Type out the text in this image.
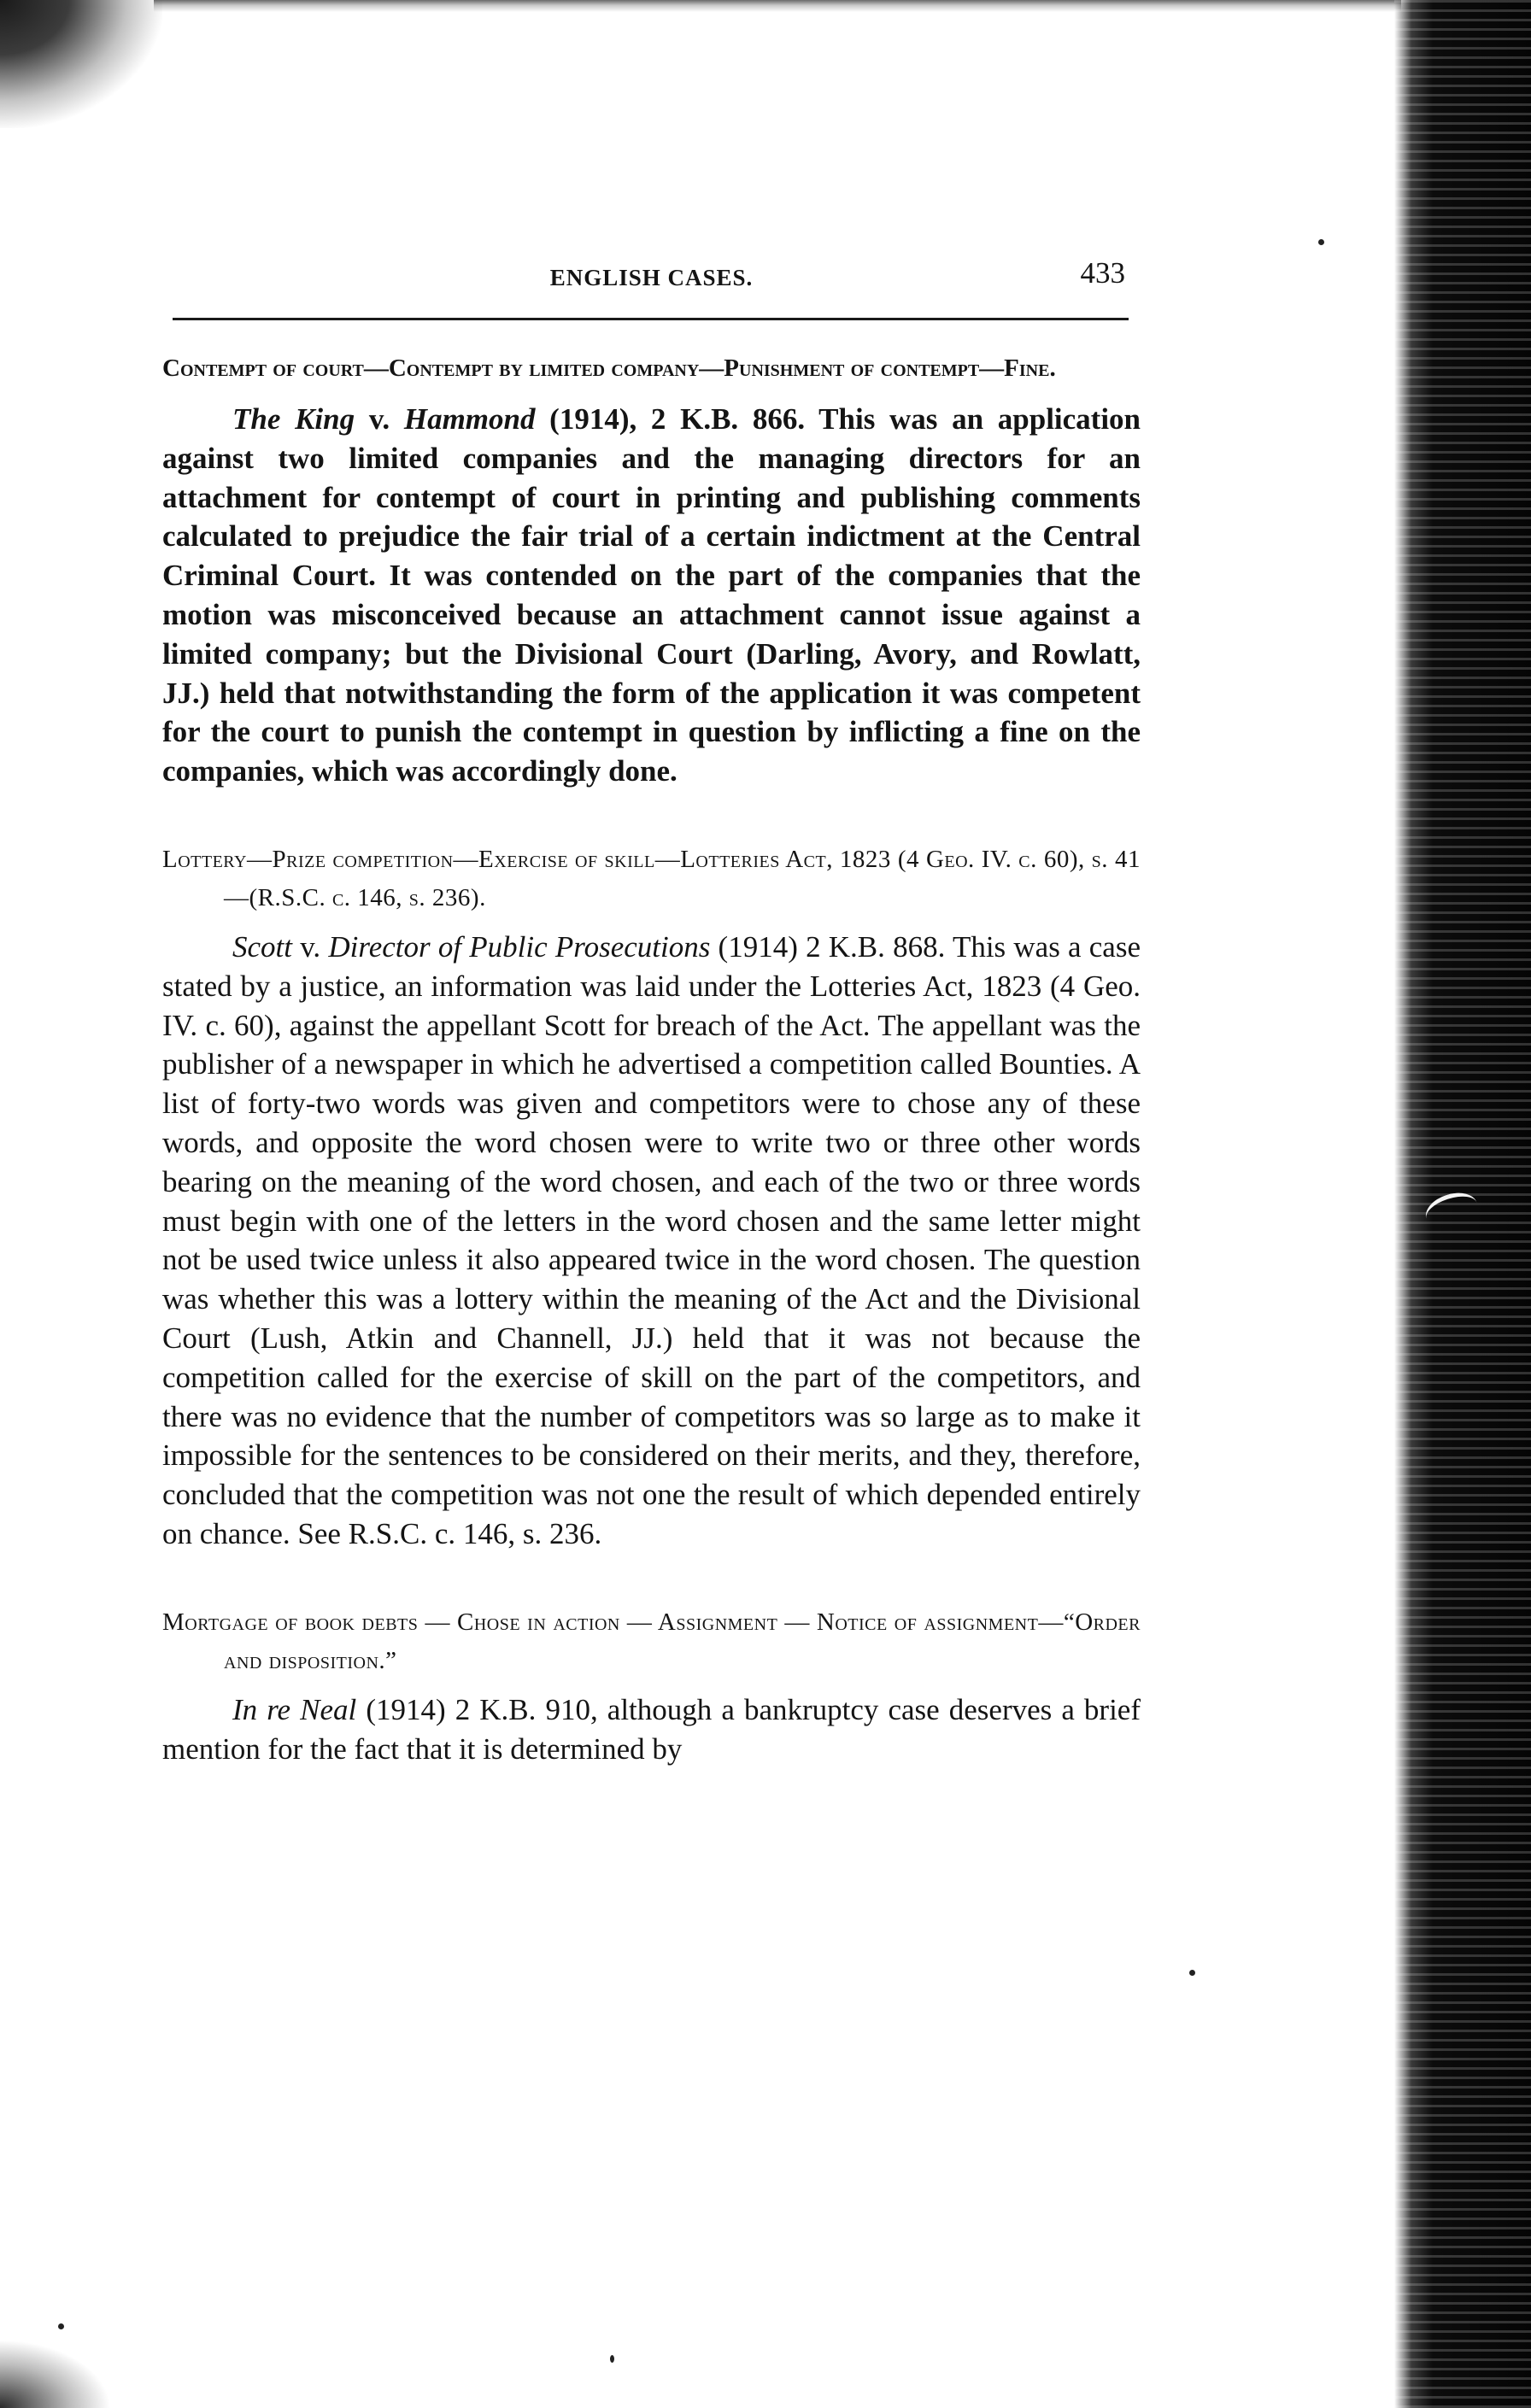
ENGLISH CASES.	433

Contempt of court—Contempt by limited company—Punishment of contempt—Fine.

The King v. Hammond (1914), 2 K.B. 866. This was an application against two limited companies and the managing directors for an attachment for contempt of court in printing and publishing comments calculated to prejudice the fair trial of a certain indictment at the Central Criminal Court. It was contended on the part of the companies that the motion was misconceived because an attachment cannot issue against a limited company; but the Divisional Court (Darling, Avory, and Rowlatt, JJ.) held that notwithstanding the form of the application it was competent for the court to punish the contempt in question by inflicting a fine on the companies, which was accordingly done.

Lottery—Prize competition—Exercise of skill—Lotteries Act, 1823 (4 Geo. IV. c. 60), s. 41—(R.S.C. c. 146, s. 236).

Scott v. Director of Public Prosecutions (1914) 2 K.B. 868. This was a case stated by a justice, an information was laid under the Lotteries Act, 1823 (4 Geo. IV. c. 60), against the appellant Scott for breach of the Act. The appellant was the publisher of a newspaper in which he advertised a competition called Bounties. A list of forty-two words was given and competitors were to chose any of these words, and opposite the word chosen were to write two or three other words bearing on the meaning of the word chosen, and each of the two or three words must begin with one of the letters in the word chosen and the same letter might not be used twice unless it also appeared twice in the word chosen. The question was whether this was a lottery within the meaning of the Act and the Divisional Court (Lush, Atkin and Channell, JJ.) held that it was not because the competition called for the exercise of skill on the part of the competitors, and there was no evidence that the number of competitors was so large as to make it impossible for the sentences to be considered on their merits, and they, therefore, concluded that the competition was not one the result of which depended entirely on chance. See R.S.C. c. 146, s. 236.

Mortgage of book debts — Chose in action — Assignment — Notice of assignment—“Order and disposition.”

In re Neal (1914) 2 K.B. 910, although a bankruptcy case deserves a brief mention for the fact that it is determined by
